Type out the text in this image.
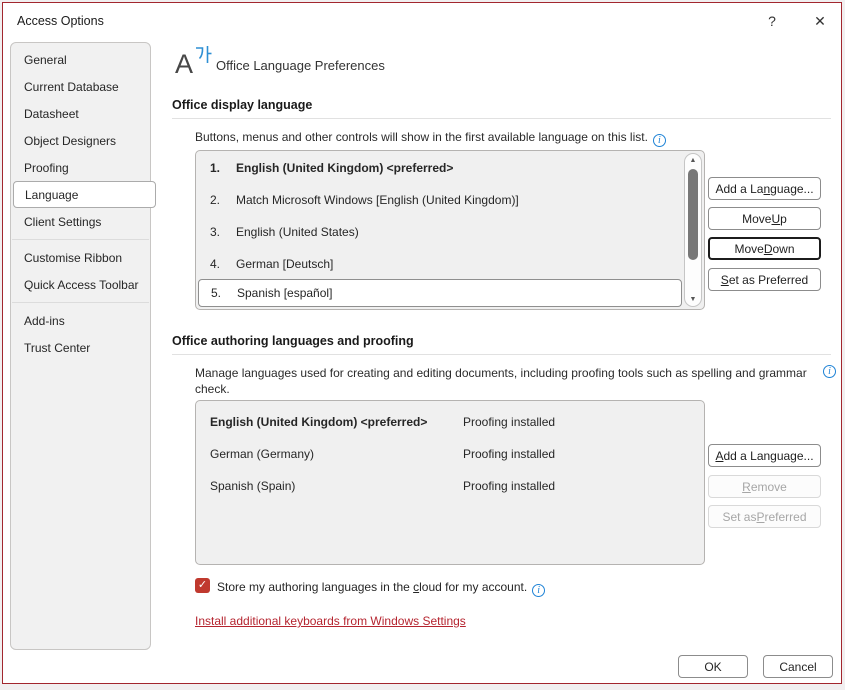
Access Options	?	✕
General
Current Database
Datasheet
Object Designers
Proofing
Language
Client Settings
Customise Ribbon
Quick Access Toolbar
Add-ins
Trust Center
A Office Language Preferences
Office display language
Buttons, menus and other controls will show in the first available language on this list. i
1.	English (United Kingdom) <preferred>
2.	Match Microsoft Windows [English (United Kingdom)]
3.	English (United States)
4.	German [Deutsch]
5.	Spanish [español]
▲
▼
Add a La n guage...
Move U p
Move D own
S et as Preferred
Office authoring languages and proofing
Manage languages used for creating and editing documents, including proofing tools such as spelling and grammar check.
i
English (United Kingdom) <preferred>	Proofing installed
German (Germany)	Proofing installed
Spanish (Spain)	Proofing installed
A dd a Language...
R emove
Set as P referred
✓ Store my authoring languages in the cloud for my account. i
Install additional keyboards from Windows Settings
OK	Cancel
